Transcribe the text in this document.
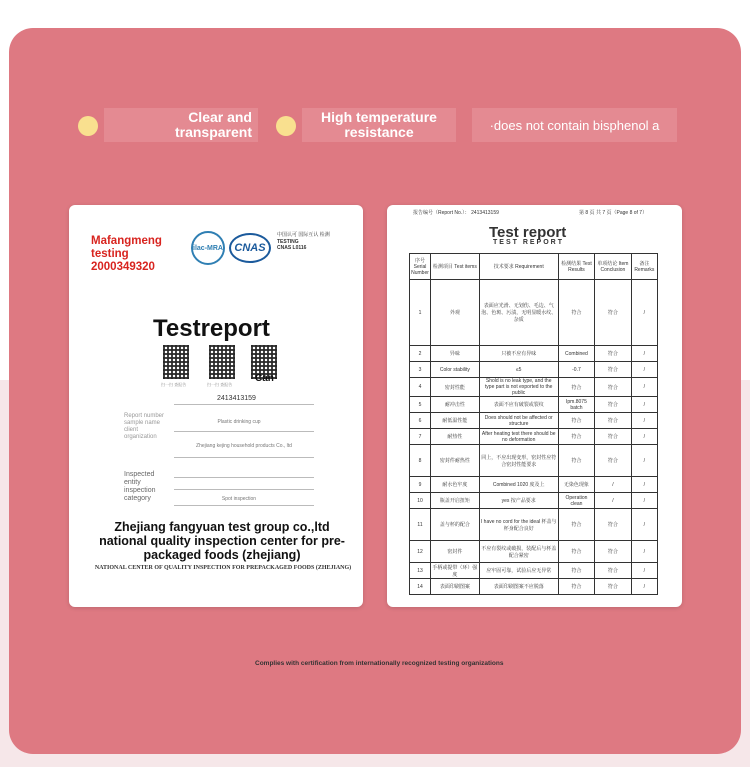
Clear and transparent
High temperature resistance	·does not contain bisphenol a
Mafangmeng testing 2000349320
ilac-MRA	CNAS
中国认可 国际互认 检测
TESTING
CNAS L0116
Testreport
扫一扫 查报告	扫一扫 查报告
Can
2413413159
Report number sample name client organization
Plastic drinking cup
Zhejiang kejing household products Co., ltd
Inspected entity inspection category	Spot inspection
Zhejiang fangyuan test group co.,ltd national quality inspection center for pre-packaged foods (zhejiang)
NATIONAL CENTER OF QUALITY INSPECTION FOR PREPACKAGED FOODS (ZHEJIANG)
报告编号（Report No.）： 2413413159	第 8 页 共 7 页（Page 8 of 7）
Test report
TEST REPORT
序号 Serial Number	检测项目 Test items	技术要求 Requirement	检测结果 Test Results	单项结论 Item Conclusion	备注 Remarks
1	外观	表面应光滑、无划伤、毛边、气泡、色斑、污渍，无明显暖水纹、杂质	符合	符合	/
2	异味	只被不应有异味	Combined	符合	/
3	Color stability	≤5	-0.7	符合	/
4	密封性能	Shold is no leak type, and the type part is not exported to the public	符合	符合	/
5	耐冲击性	表面不应有破裂或裂纹	Ipm.8075 batch	符合	/
6	耐低温性能	Does should not be affected or structure	符合	符合	/
7	耐热性	After heating test there should be no deformation	符合	符合	/
8	密封件耐热性	同上，不应出现变形，密封性应符合密封性能要求	符合	符合	/
9	耐水色牢度	Combined 1020 度及上	无染色现象	/	/
10	瓶盖开启扭矩	yes 按产品要求	Operation clean	/	/
11	盖与杯的配合	I have no cord for the ideal 杯盖与杯身配合良好	符合	符合	/
12	密封件	不应有裂纹或破损，装配后与杯盖配合紧密	符合	符合	/
13	手柄或提带（环）强度	应牢固可靠，试验后应无异常	符合	符合	/
14	表面印刷图案	表面印刷图案不应脱落	符合	符合	/
Complies with certification from internationally recognized testing organizations
